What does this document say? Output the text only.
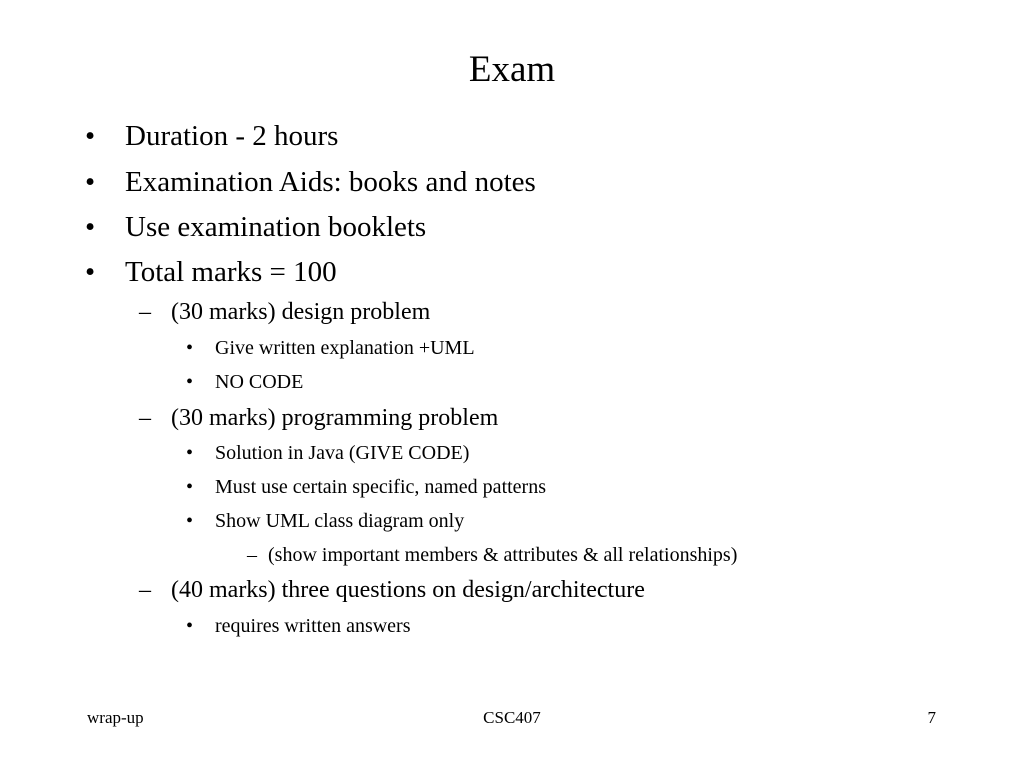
Exam
• Duration - 2 hours
• Examination Aids: books and notes
• Use examination booklets
• Total marks = 100
– (30 marks) design problem
• Give written explanation +UML
• NO CODE
– (30 marks) programming problem
• Solution in Java (GIVE CODE)
• Must use certain specific, named patterns
• Show UML class diagram only
– (show important members & attributes & all relationships)
– (40 marks) three questions on design/architecture
• requires written answers
wrap-up	CSC407	7
